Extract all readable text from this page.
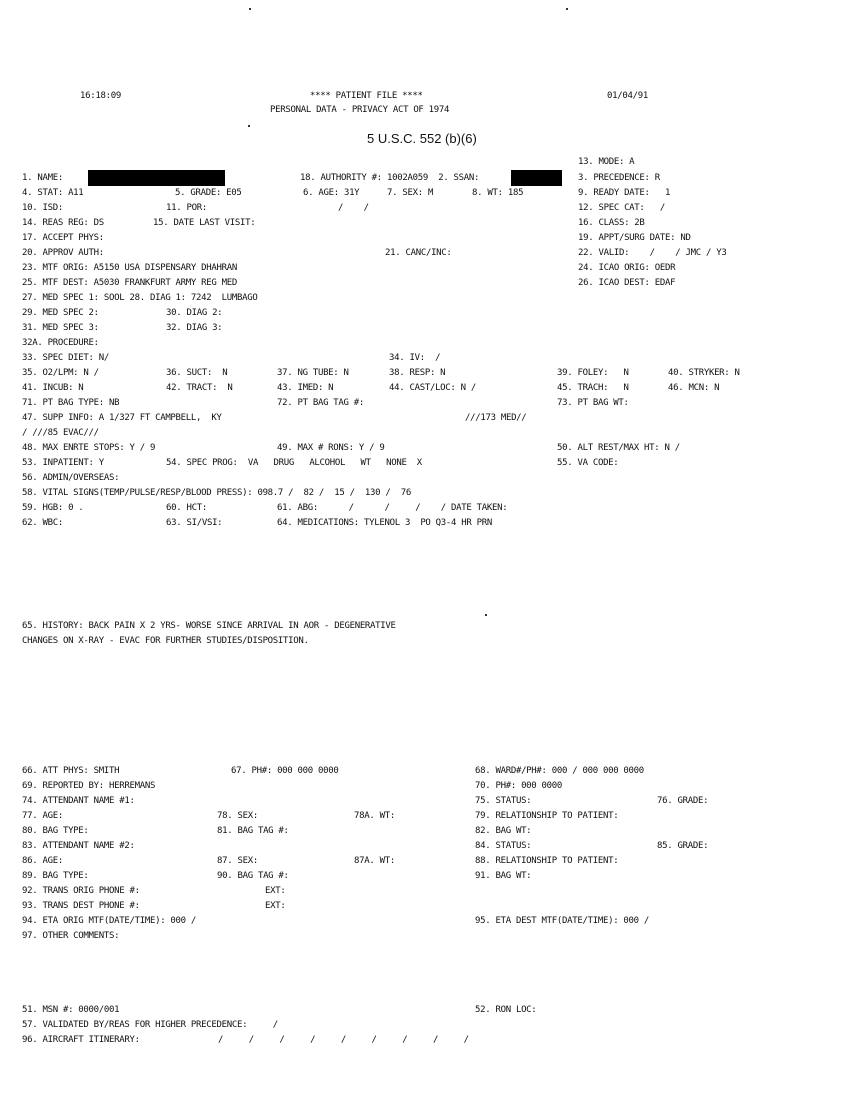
16:18:09	**** PATIENT FILE ****
PERSONAL DATA - PRIVACY ACT OF 1974
01/04/91
5 U.S.C. 552 (b)(6)
13. MODE: A
1. NAME:	18. AUTHORITY #: 1002A059  2. SSAN:	3. PRECEDENCE: R
4. STAT: A11	5. GRADE: E05	6. AGE: 31Y	7. SEX: M	8. WT: 185	9. READY DATE:   1
10. ISD:	11. POR:	/    /	12. SPEC CAT:   /
14. REAS REG: DS	15. DATE LAST VISIT:	16. CLASS: 2B
17. ACCEPT PHYS:	19. APPT/SURG DATE: ND
20. APPROV AUTH:	21. CANC/INC:	22. VALID:    /    / JMC / Y3
23. MTF ORIG: A5150 USA DISPENSARY DHAHRAN	24. ICAO ORIG: OEDR
25. MTF DEST: A5030 FRANKFURT ARMY REG MED	26. ICAO DEST: EDAF
27. MED SPEC 1: SOOL 28. DIAG 1: 7242  LUMBAGO
29. MED SPEC 2:	30. DIAG 2:
31. MED SPEC 3:	32. DIAG 3:
32A. PROCEDURE:
33. SPEC DIET: N/	34. IV:  /
35. O2/LPM: N /	36. SUCT:  N	37. NG TUBE: N	38. RESP: N	39. FOLEY:   N	40. STRYKER: N
41. INCUB: N	42. TRACT:  N	43. IMED: N	44. CAST/LOC: N /	45. TRACH:   N	46. MCN: N
71. PT BAG TYPE: NB	72. PT BAG TAG #:	73. PT BAG WT:
47. SUPP INFO: A 1/327 FT CAMPBELL,  KY	///173 MED//
/ ///85 EVAC///
48. MAX ENRTE STOPS: Y / 9	49. MAX # RONS: Y / 9	50. ALT REST/MAX HT: N /
53. INPATIENT: Y	54. SPEC PROG:  VA   DRUG   ALCOHOL   WT   NONE  X	55. VA CODE:
56. ADMIN/OVERSEAS:
58. VITAL SIGNS(TEMP/PULSE/RESP/BLOOD PRESS): 098.7 /  82 /  15 /  130 /  76
59. HGB: 0 .	60. HCT:	61. ABG:      /      /     /    / DATE TAKEN:
62. WBC:	63. SI/VSI:	64. MEDICATIONS: TYLENOL 3  PO Q3-4 HR PRN
65. HISTORY: BACK PAIN X 2 YRS- WORSE SINCE ARRIVAL IN AOR - DEGENERATIVE
CHANGES ON X-RAY - EVAC FOR FURTHER STUDIES/DISPOSITION.
66. ATT PHYS: SMITH	67. PH#: 000 000 0000	68. WARD#/PH#: 000 / 000 000 0000
69. REPORTED BY: HERREMANS	70. PH#: 000 0000
74. ATTENDANT NAME #1:	75. STATUS:	76. GRADE:
77. AGE:	78. SEX:	78A. WT:	79. RELATIONSHIP TO PATIENT:
80. BAG TYPE:	81. BAG TAG #:	82. BAG WT:
83. ATTENDANT NAME #2:	84. STATUS:	85. GRADE:
86. AGE:	87. SEX:	87A. WT:	88. RELATIONSHIP TO PATIENT:
89. BAG TYPE:	90. BAG TAG #:	91. BAG WT:
92. TRANS ORIG PHONE #:	EXT:
93. TRANS DEST PHONE #:	EXT:
94. ETA ORIG MTF(DATE/TIME): 000 /	95. ETA DEST MTF(DATE/TIME): 000 /
97. OTHER COMMENTS:
51. MSN #: 0000/001	52. RON LOC:
57. VALIDATED BY/REAS FOR HIGHER PRECEDENCE:     /
96. AIRCRAFT ITINERARY:	/     /     /     /     /     /     /     /     /
